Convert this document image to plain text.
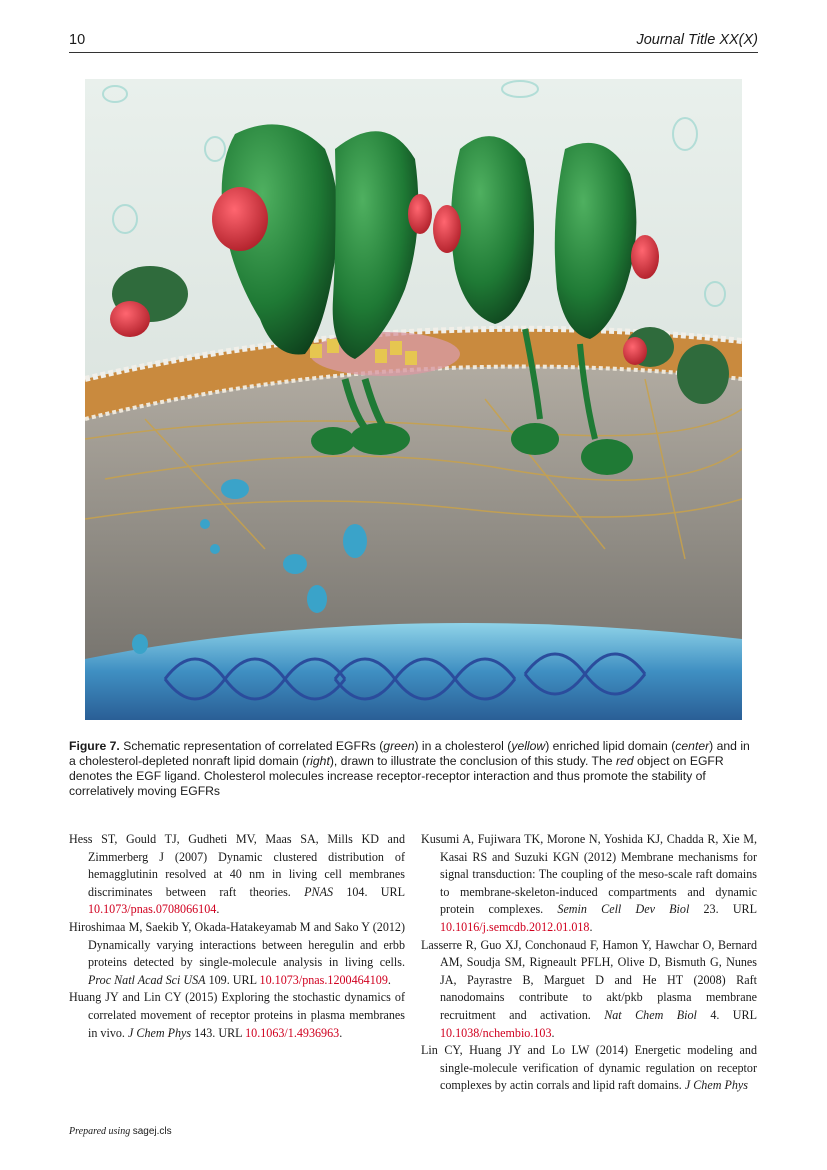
10	Journal Title XX(X)
Figure 7. Schematic representation of correlated EGFRs (green) in a cholesterol (yellow) enriched lipid domain (center) and in a cholesterol-depleted nonraft lipid domain (right), drawn to illustrate the conclusion of this study. The red object on EGFR denotes the EGF ligand. Cholesterol molecules increase receptor-receptor interaction and thus promote the stability of correlatively moving EGFRs
Hess ST, Gould TJ, Gudheti MV, Maas SA, Mills KD and Zimmerberg J (2007) Dynamic clustered distribution of hemagglutinin resolved at 40 nm in living cell membranes discriminates between raft theories. PNAS 104. URL 10.1073/pnas.0708066104.
Hiroshimaa M, Saekib Y, Okada-Hatakeyamab M and Sako Y (2012) Dynamically varying interactions between heregulin and erbb proteins detected by single-molecule analysis in living cells. Proc Natl Acad Sci USA 109. URL 10.1073/pnas.1200464109.
Huang JY and Lin CY (2015) Exploring the stochastic dynamics of correlated movement of receptor proteins in plasma membranes in vivo. J Chem Phys 143. URL 10.1063/1.4936963.
Kusumi A, Fujiwara TK, Morone N, Yoshida KJ, Chadda R, Xie M, Kasai RS and Suzuki KGN (2012) Membrane mechanisms for signal transduction: The coupling of the meso-scale raft domains to membrane-skeleton-induced compartments and dynamic protein complexes. Semin Cell Dev Biol 23. URL 10.1016/j.semcdb.2012.01.018.
Lasserre R, Guo XJ, Conchonaud F, Hamon Y, Hawchar O, Bernard AM, Soudja SM, Rigneault PFLH, Olive D, Bismuth G, Nunes JA, Payrastre B, Marguet D and He HT (2008) Raft nanodomains contribute to akt/pkb plasma membrane recruitment and activation. Nat Chem Biol 4. URL 10.1038/nchembio.103.
Lin CY, Huang JY and Lo LW (2014) Energetic modeling and single-molecule verification of dynamic regulation on receptor complexes by actin corrals and lipid raft domains. J Chem Phys
Prepared using sagej.cls
